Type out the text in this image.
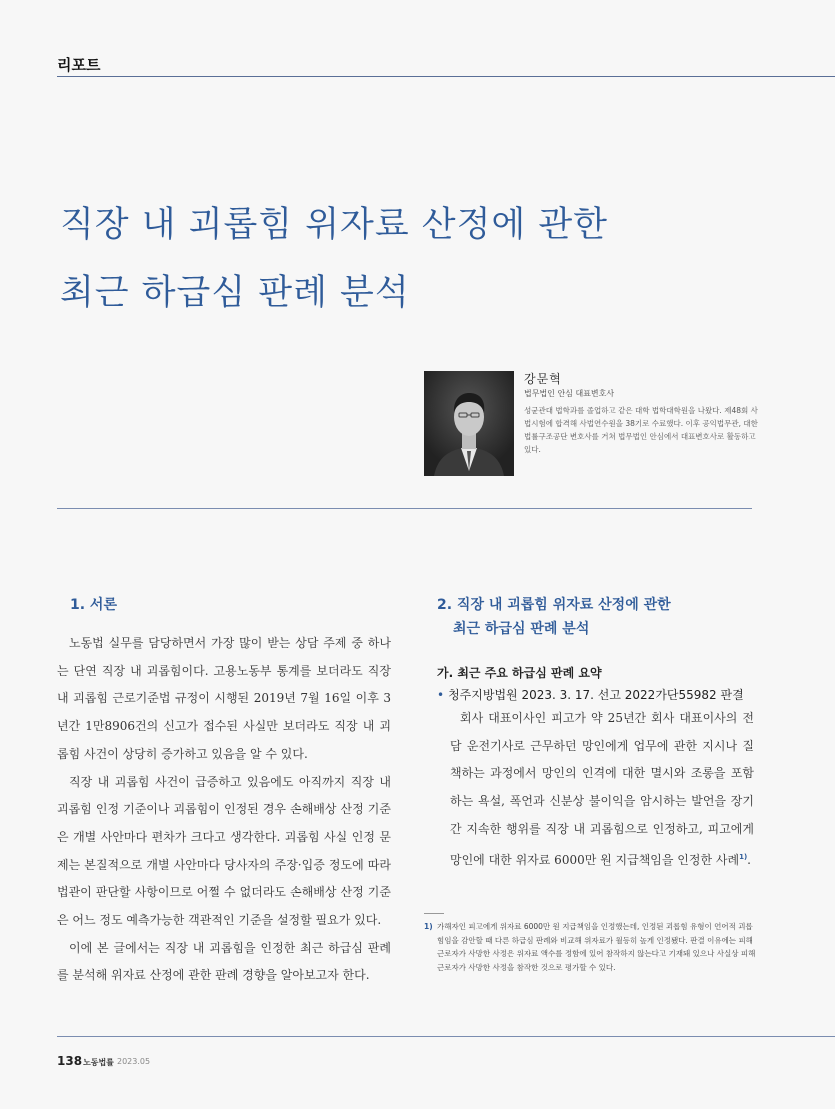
리포트
직장 내 괴롭힘 위자료 산정에 관한
최근 하급심 판례 분석
강문혁
법무법인 안심 대표변호사
성균관대 법학과를 졸업하고 같은 대학 법학대학원을 나왔다. 제48회 사법시험에 합격해 사법연수원을 38기로 수료했다. 이후 공익법무관, 대한법률구조공단 변호사를 거쳐 법무법인 안심에서 대표변호사로 활동하고 있다.
1. 서론

노동법 실무를 담당하면서 가장 많이 받는 상담 주제 중 하나는 단연 직장 내 괴롭힘이다. 고용노동부 통계를 보더라도 직장 내 괴롭힘 근로기준법 규정이 시행된 2019년 7월 16일 이후 3년간 1만8906건의 신고가 접수된 사실만 보더라도 직장 내 괴롭힘 사건이 상당히 증가하고 있음을 알 수 있다.

직장 내 괴롭힘 사건이 급증하고 있음에도 아직까지 직장 내 괴롭힘 인정 기준이나 괴롭힘이 인정된 경우 손해배상 산정 기준은 개별 사안마다 편차가 크다고 생각한다. 괴롭힘 사실 인정 문제는 본질적으로 개별 사안마다 당사자의 주장·입증 정도에 따라 법관이 판단할 사항이므로 어쩔 수 없더라도 손해배상 산정 기준은 어느 정도 예측가능한 객관적인 기준을 설정할 필요가 있다.

이에 본 글에서는 직장 내 괴롭힘을 인정한 최근 하급심 판례를 분석해 위자료 산정에 관한 판례 경향을 알아보고자 한다.

2. 직장 내 괴롭힘 위자료 산정에 관한
최근 하급심 판례 분석
가. 최근 주요 하급심 판례 요약
• 청주지방법원 2023. 3. 17. 선고 2022가단55982 판결

회사 대표이사인 피고가 약 25년간 회사 대표이사의 전담 운전기사로 근무하던 망인에게 업무에 관한 지시나 질책하는 과정에서 망인의 인격에 대한 멸시와 조롱을 포함하는 욕설, 폭언과 신분상 불이익을 암시하는 발언을 장기간 지속한 행위를 직장 내 괴롭힘으로 인정하고, 피고에게 망인에 대한 위자료 6000만 원 지급책임을 인정한 사례$^{1)}$.

1) 가해자인 피고에게 위자료 6000만 원 지급책임을 인정했는데, 인정된 괴롭힘 유형이 언어적 괴롭힘임을 감안할 때 다른 하급심 판례와 비교해 위자료가 월등히 높게 인정됐다. 판결 이유에는 피해근로자가 사망한 사정은 위자료 액수를 정함에 있어 참작하지 않는다고 기재돼 있으나 사실상 피해근로자가 사망한 사정을 참작한 것으로 평가할 수 있다.
138 노동법률 2023.05
